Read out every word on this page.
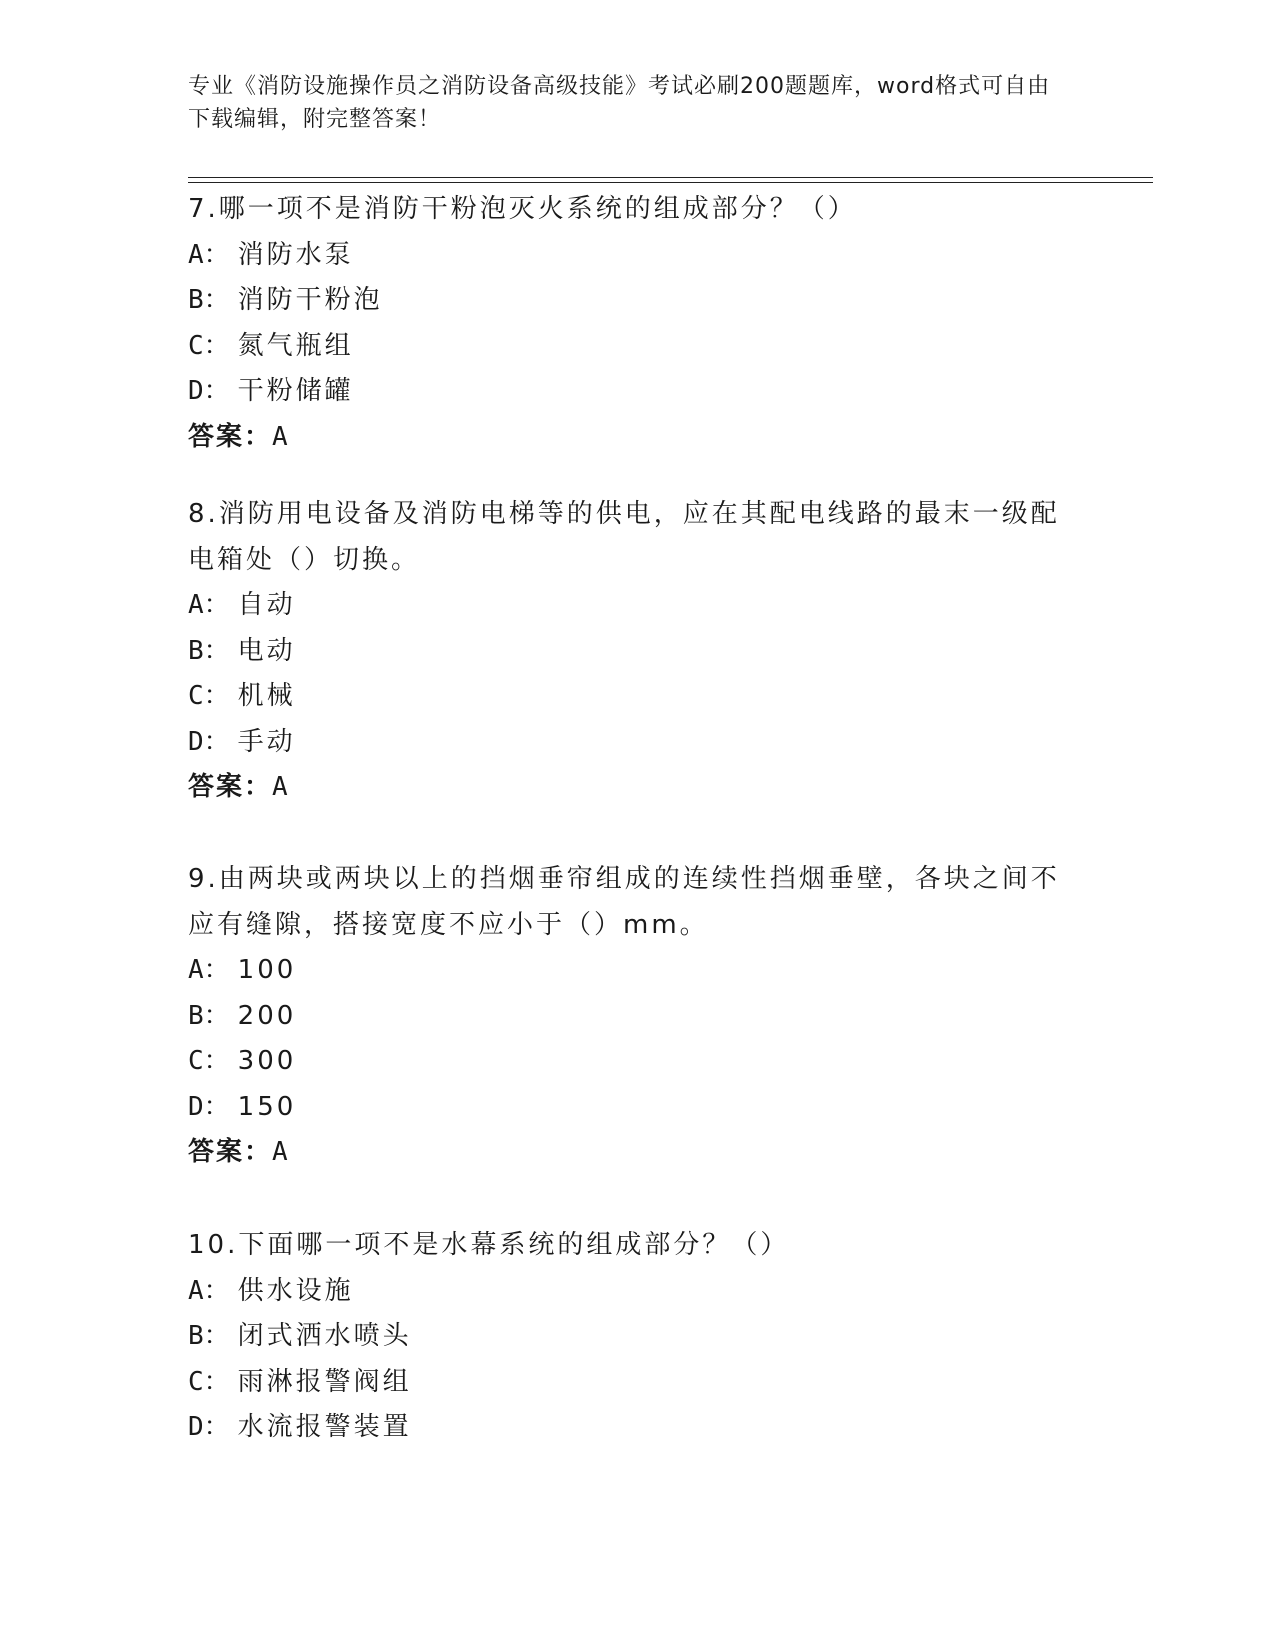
专业《消防设施操作员之消防设备高级技能》考试必刷200题题库，word格式可自由下载编辑，附完整答案！

7.哪一项不是消防干粉泡灭火系统的组成部分？（）

A： 消防水泵

B： 消防干粉泡

C： 氮气瓶组

D： 干粉储罐

答案：A

8.消防用电设备及消防电梯等的供电，应在其配电线路的最末一级配电箱处（）切换。

A： 自动

B： 电动

C： 机械

D： 手动

答案：A

9.由两块或两块以上的挡烟垂帘组成的连续性挡烟垂壁，各块之间不应有缝隙，搭接宽度不应小于（）mm。

A： 100

B： 200

C： 300

D： 150

答案：A

10.下面哪一项不是水幕系统的组成部分？（）

A： 供水设施

B： 闭式洒水喷头

C： 雨淋报警阀组

D： 水流报警装置
